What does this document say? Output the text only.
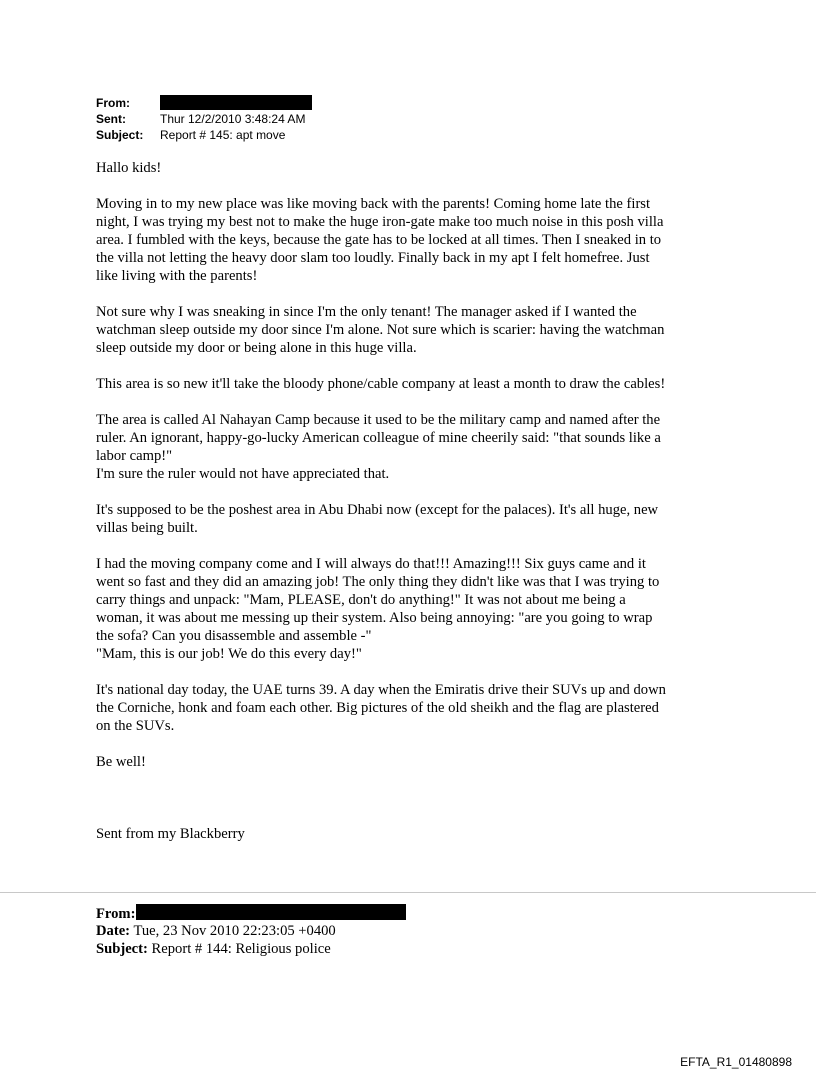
From:
Sent:	Thur 12/2/2010 3:48:24 AM
Subject:	Report # 145: apt move

Hallo kids!

Moving in to my new place was like moving back with the parents! Coming home late the first
night, I was trying my best not to make the huge iron-gate make too much noise in this posh villa
area. I fumbled with the keys, because the gate has to be locked at all times. Then I sneaked in to
the villa not letting the heavy door slam too loudly. Finally back in my apt I felt homefree. Just
like living with the parents!

Not sure why I was sneaking in since I'm the only tenant! The manager asked if I wanted the
watchman sleep outside my door since I'm alone. Not sure which is scarier: having the watchman
sleep outside my door or being alone in this huge villa.

This area is so new it'll take the bloody phone/cable company at least a month to draw the cables!

The area is called Al Nahayan Camp because it used to be the military camp and named after the
ruler. An ignorant, happy-go-lucky American colleague of mine cheerily said: "that sounds like a
labor camp!"
I'm sure the ruler would not have appreciated that.

It's supposed to be the poshest area in Abu Dhabi now (except for the palaces). It's all huge, new
villas being built.

I had the moving company come and I will always do that!!! Amazing!!! Six guys came and it
went so fast and they did an amazing job! The only thing they didn't like was that I was trying to
carry things and unpack: "Mam, PLEASE, don't do anything!" It was not about me being a
woman, it was about me messing up their system. Also being annoying: "are you going to wrap
the sofa? Can you disassemble and assemble -"
"Mam, this is our job! We do this every day!"

It's national day today, the UAE turns 39. A day when the Emiratis drive their SUVs up and down
the Corniche, honk and foam each other. Big pictures of the old sheikh and the flag are plastered
on the SUVs.

Be well!

Sent from my Blackberry

From:
Date: Tue, 23 Nov 2010 22:23:05 +0400
Subject: Report # 144: Religious police
EFTA_R1_01480898
